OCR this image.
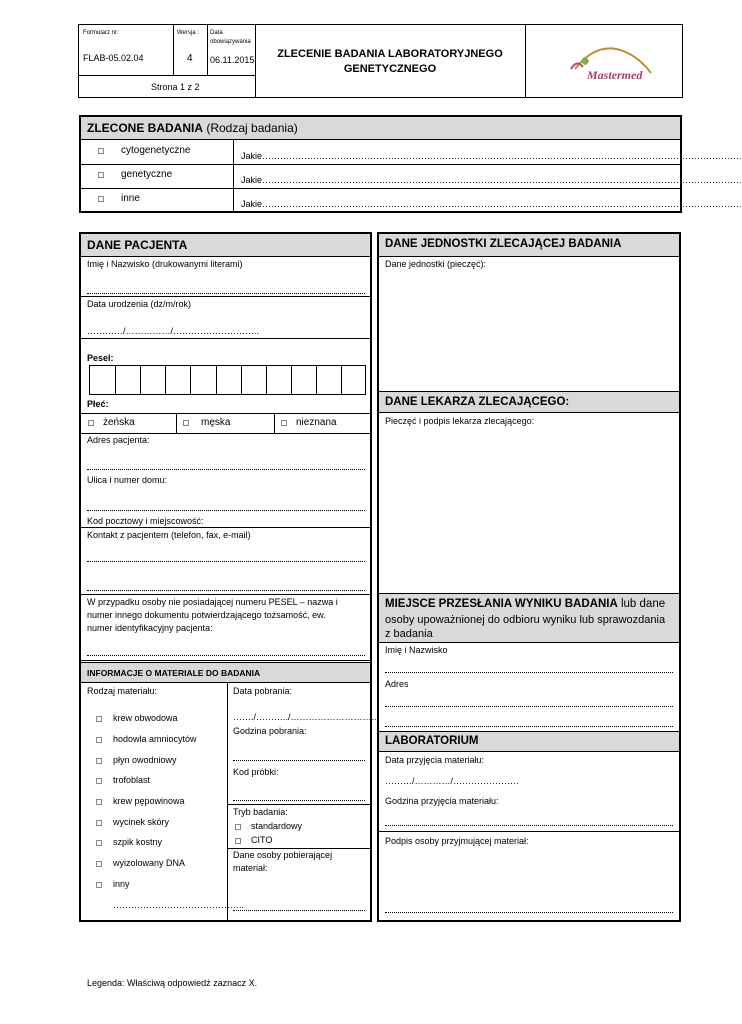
Formularz nr:
FLAB-05.02.04
Wersja :
4
Data
obowiązywania
06.11.2015
Strona 1 z 2
ZLECENIE BADANIA LABORATORYJNEGO
GENETYCZNEGO	Mastermed
ZLECONE BADANIA (Rodzaj badania)
cytogenetyczne	Jakie…………………………………………………………………………………………………………………………………………….
genetyczne	Jakie…………………………………………………………………………………………………………………………………………….
inne	Jakie…………………………………………………………………………………………………………………………………………….
DANE PACJENTA
Imię i Nazwisko (drukowanymi literami)
Data urodzenia (dz/m/rok)
…………/……………/………………………..
Pesel:
Płeć:
żeńska	męska	nieznana
Adres pacjenta:
Ulica i numer domu:
Kod pocztowy i miejscowość:
Kontakt z pacjentem (telefon, fax, e-mail)
W przypadku osoby nie posiadającej numeru PESEL – nazwa i
numer innego dokumentu potwierdzającego tożsamość, ew.
numer identyfikacyjny pacjenta:
INFORMACJE O MATERIALE DO BADANIA
Rodzaj materiału:
krew obwodowa
hodowla amniocytów
płyn owodniowy
trofoblast
krew pępowinowa
wycinek skóry
szpik kostny
wyizolowany DNA
inny
……………………………………..
Data pobrania:
……./………../………………………..
Godzina pobrania:
Kod próbki:
Tryb badania:
standardowy
CITO
Dane osoby pobierającej
materiał:
DANE JEDNOSTKI ZLECAJĄCEJ BADANIA
Dane jednostki (pieczęć):
DANE LEKARZA ZLECAJĄCEGO:
Pieczęć i podpis lekarza zlecającego:
MIEJSCE PRZESŁANIA WYNIKU BADANIA lub dane
osoby upoważnionej do odbioru wyniku lub sprawozdania
z badania
Imię i Nazwisko
Adres
LABORATORIUM
Data przyjęcia materiału:
………/…………/………………….
Godzina przyjęcia materiału:
Podpis osoby przyjmującej materiał:
Legenda: Właściwą odpowiedź zaznacz X.
